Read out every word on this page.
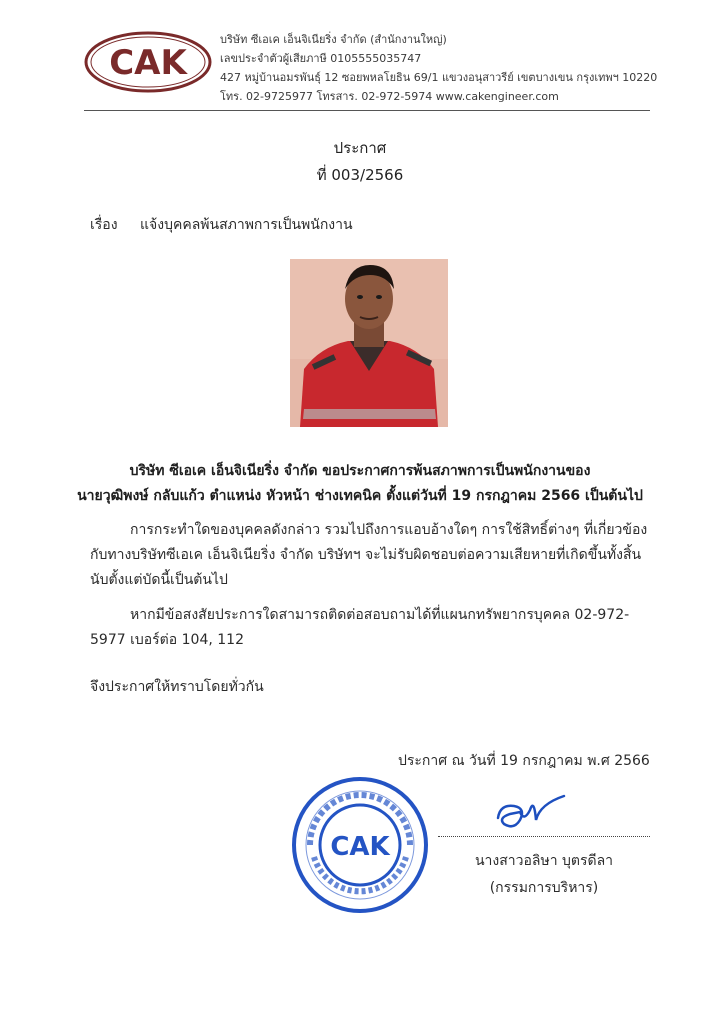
CAK
บริษัท ซีเอเค เอ็นจิเนียริ่ง จำกัด (สำนักงานใหญ่)
เลขประจำตัวผู้เสียภาษี 0105555035747
427 หมู่บ้านอมรพันธุ์ 12 ซอยพหลโยธิน 69/1 แขวงอนุสาวรีย์ เขตบางเขน กรุงเทพฯ 10220
โทร. 02-9725977 โทรสาร. 02-972-5974 www.cakengineer.com
ประกาศ
ที่ 003/2566
เรื่อง แจ้งบุคคลพ้นสภาพการเป็นพนักงาน
บริษัท ซีเอเค เอ็นจิเนียริ่ง จำกัด ขอประกาศการพ้นสภาพการเป็นพนักงานของ
นายวุฒิพงษ์ กลับแก้ว ตำแหน่ง หัวหน้า ช่างเทคนิค ตั้งแต่วันที่ 19 กรกฎาคม 2566 เป็นต้นไป
การกระทำใดของบุคคลดังกล่าว รวมไปถึงการแอบอ้างใดๆ การใช้สิทธิ์ต่างๆ ที่เกี่ยวข้องกับทางบริษัทซีเอเค เอ็นจิเนียริ่ง จำกัด บริษัทฯ จะไม่รับผิดชอบต่อความเสียหายที่เกิดขึ้นทั้งสิ้น นับตั้งแต่บัดนี้เป็นต้นไป
หากมีข้อสงสัยประการใดสามารถติดต่อสอบถามได้ที่แผนกทรัพยากรบุคคล 02-972-5977 เบอร์ต่อ 104, 112
จึงประกาศให้ทราบโดยทั่วกัน
ประกาศ ณ วันที่ 19 กรกฎาคม พ.ศ 2566
CAK	นางสาวอลิษา บุตรดีลา
(กรรมการบริหาร)
